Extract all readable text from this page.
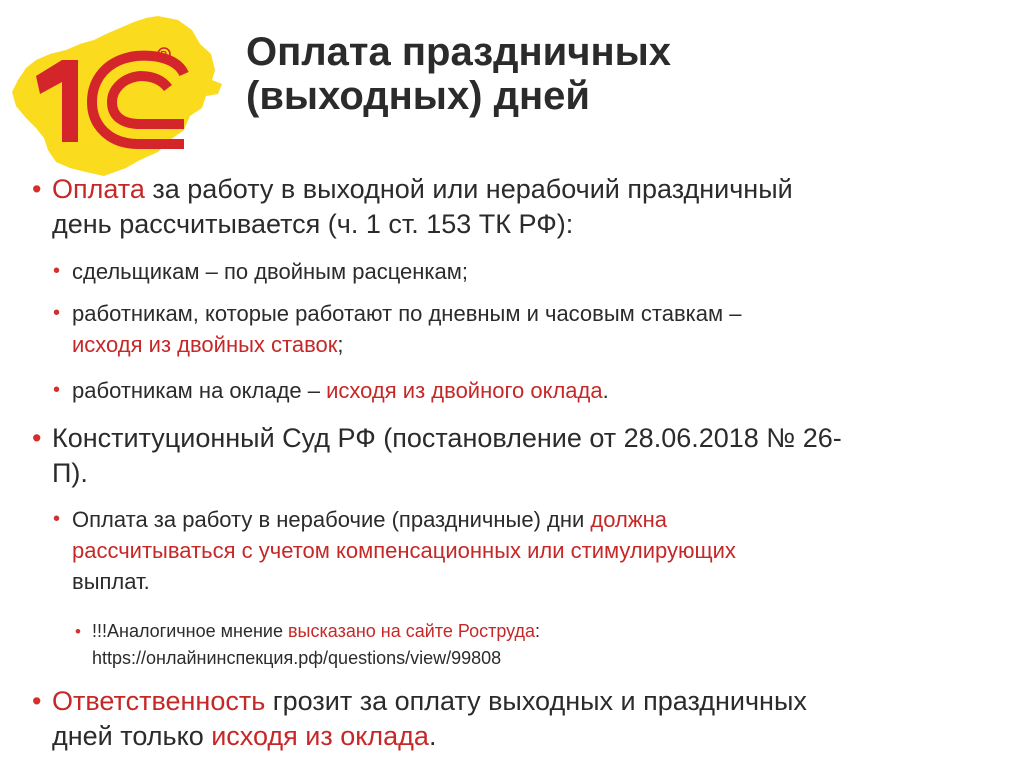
R Оплата праздничных
(выходных) дней
• Оплата за работу в выходной или нерабочий праздничный
день рассчитывается (ч. 1 ст. 153 ТК РФ):
• сдельщикам – по двойным расценкам;
• работникам, которые работают по дневным и часовым ставкам –
исходя из двойных ставок;
• работникам на окладе – исходя из двойного оклада.
• Конституционный Суд РФ (постановление от 28.06.2018 № 26-
П).
• Оплата за работу в нерабочие (праздничные) дни должна
рассчитываться с учетом компенсационных или стимулирующих
выплат.
• !!!Аналогичное мнение высказано на сайте Роструда:
https://онлайнинспекция.рф/questions/view/99808
• Ответственность грозит за оплату выходных и праздничных
дней только исходя из оклада.
